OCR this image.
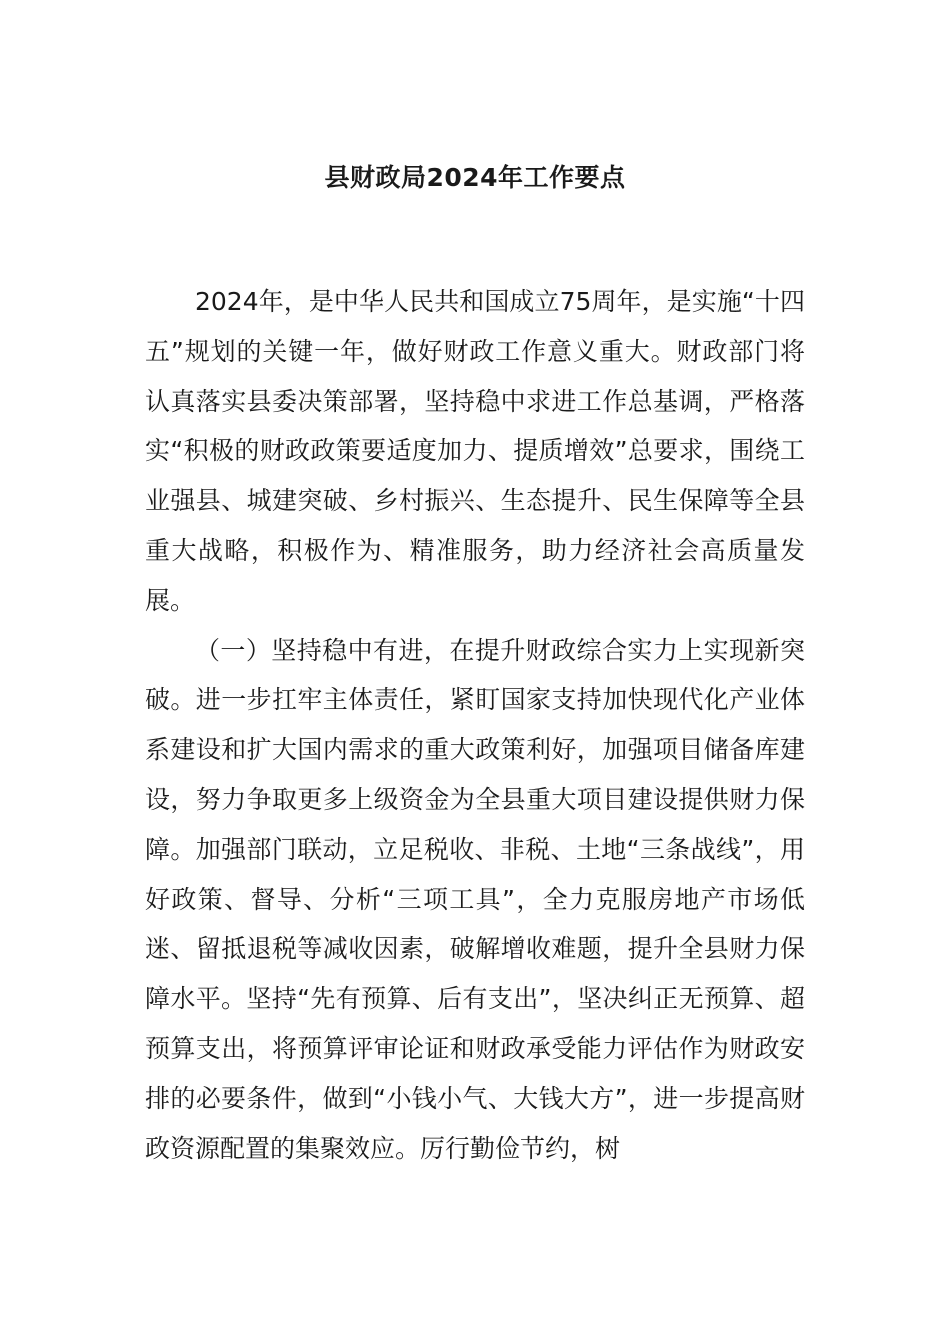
县财政局2024年工作要点

2024年，是中华人民共和国成立75周年，是实施“十四五”规划的关键一年，做好财政工作意义重大。财政部门将认真落实县委决策部署，坚持稳中求进工作总基调，严格落实“积极的财政政策要适度加力、提质增效”总要求，围绕工业强县、城建突破、乡村振兴、生态提升、民生保障等全县重大战略，积极作为、精准服务，助力经济社会高质量发展。

（一）坚持稳中有进，在提升财政综合实力上实现新突破。进一步扛牢主体责任，紧盯国家支持加快现代化产业体系建设和扩大国内需求的重大政策利好，加强项目储备库建设，努力争取更多上级资金为全县重大项目建设提供财力保障。加强部门联动，立足税收、非税、土地“三条战线”，用好政策、督导、分析“三项工具”，全力克服房地产市场低迷、留抵退税等减收因素，破解增收难题，提升全县财力保障水平。坚持“先有预算、后有支出”，坚决纠正无预算、超预算支出，将预算评审论证和财政承受能力评估作为财政安排的必要条件，做到“小钱小气、大钱大方”，进一步提高财政资源配置的集聚效应。厉行勤俭节约，树
